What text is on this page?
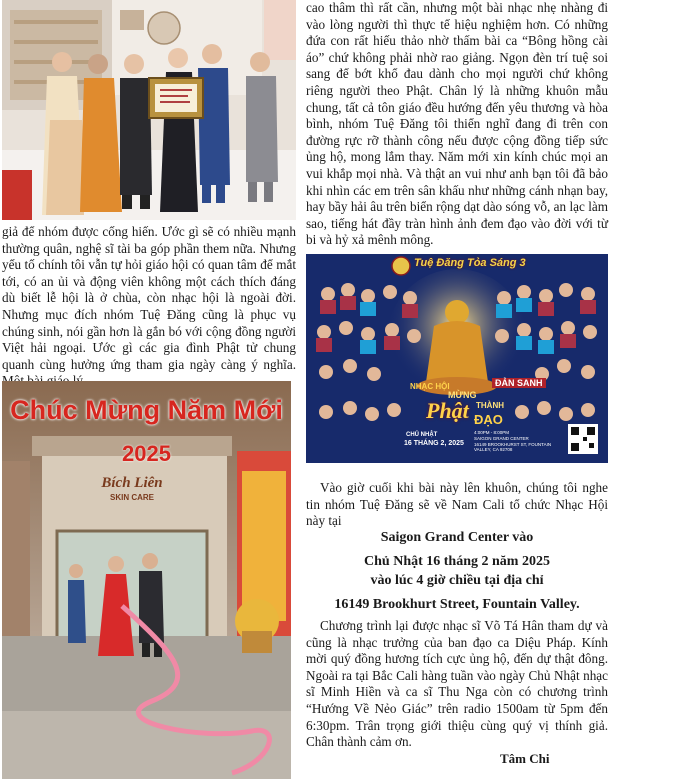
giả để nhóm được cống hiến. Ước gì sẽ có nhiều mạnh thường quân, nghệ sĩ tài ba góp phần them nữa. Nhưng yếu tố chính tôi vẫn tự hỏi giáo hội có quan tâm để mắt tới, có an ủi và động viên không một cách thích đáng dù biết lễ hội là ở chùa, còn nhạc hội là ngoài đời. Nhưng mục đích nhóm Tuệ Đăng cũng là phục vụ chúng sinh, nói gần hơn là gắn bó với cộng đồng người Việt hải ngoại. Ước gì các gia đình Phật tử chung quanh cùng hưởng ứng tham gia ngày càng ý nghĩa.

Chúc Mừng Năm Mới
2025
Bích Liên
SKIN CARE

cao thâm thì rất cần, nhưng một bài nhạc nhẹ nhàng đi vào lòng người thì thực tế hiệu nghiệm hơn. Có những đứa con rất hiếu thảo nhờ thấm bài ca “Bông hồng cài áo” chứ không phải nhờ rao giảng. Ngọn đèn trí tuệ soi sang để bớt khổ đau dành cho mọi người chứ không riêng người theo Phật. Chân lý là những khuôn mẫu chung, tất cả tôn giáo đều hướng đến yêu thương và hòa bình, nhóm Tuệ Đăng tôi thiển nghĩ đang đi trên con đường rực rỡ thành công nếu được cộng đồng tiếp sức ủng hộ, mong lắm thay. Năm mới xin kính chúc mọi an vui khắp mọi nhà. Và thật an vui như anh bạn tôi đã bảo khi nhìn các em trên sân khấu như những cánh nhạn bay, hay bầy hải âu trên biển rộng dạt dào sóng vỗ, an lạc làm sao, tiếng hát đầy tràn hình ảnh đem đạo vào đời với từ bi và hỷ xả mênh mông.

Tuệ Đăng Tỏa Sáng 3
NHẠC HỘI
MỪNG
Phật
ĐẢN SANH
THÀNH
ĐẠO
CHỦ NHẬT
16 THÁNG 2, 2025
4:00PM - 8:00PM
SAIGON GRAND CENTER
16149 BROOKHURST ST, FOUNTAIN VALLEY, CA 92708

Vào giờ cuối khi bài này lên khuôn, chúng tôi nghe tin nhóm Tuệ Đăng sẽ về Nam Cali tổ chức Nhạc Hội này tại

Saigon Grand Center vào
Chủ Nhật 16 tháng 2 năm 2025
vào lúc 4 giờ chiều tại địa chỉ
16149 Brookhurt Street, Fountain Valley.

Chương trình lại được nhạc sĩ Võ Tá Hân tham dự và cũng là nhạc trưởng của ban đạo ca Diệu Pháp. Kính mời quý đồng hương tích cực ủng hộ, đến dự thật đông. Ngoài ra tại Bắc Cali hàng tuần vào ngày Chủ Nhật nhạc sĩ Minh Hiền và ca sĩ Thu Nga còn có chương trình “Hướng Về Nẻo Giác” trên radio 1500am từ 5pm đến 6:30pm. Trân trọng giới thiệu cùng quý vị thính giả. Chân thành cảm ơn.

Tâm Chi
